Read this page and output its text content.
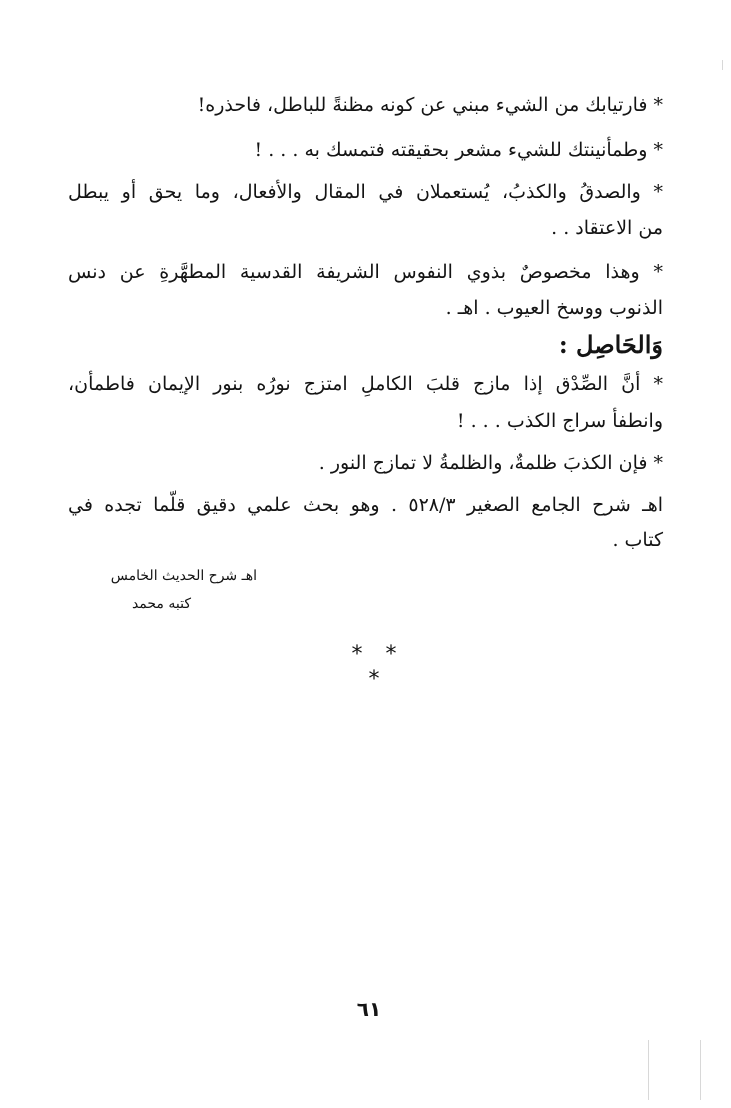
* فارتيابك من الشيء مبني عن كونه مظنةً للباطل، فاحذره!

* وطمأنينتك للشيء مشعر بحقيقته فتمسك به . . . !

* والصدقُ والكذبُ، يُستعملان في المقال والأفعال، وما يحق أو يبطل

من الاعتقاد . .

* وهذا مخصوصٌ بذوي النفوس الشريفة القدسية المطهَّرةِ عن دنس

الذنوب ووسخ العيوب . اهـ .

وَالحَاصِل :

* أنَّ الصِّدْق إذا مازج قلبَ الكاملِ امتزج نورُه بنور الإيمان فاطمأن،

وانطفأ سراج الكذب . . . !

* فإن الكذبَ ظلمةٌ، والظلمةُ لا تمازج النور .

اهـ شرح الجامع الصغير ٥٢٨/٣ . وهو بحث علمي دقيق قلّما تجده في

كتاب .

اهـ شرح الحديث الخامس

كتبه محمد

* * *
٦١
